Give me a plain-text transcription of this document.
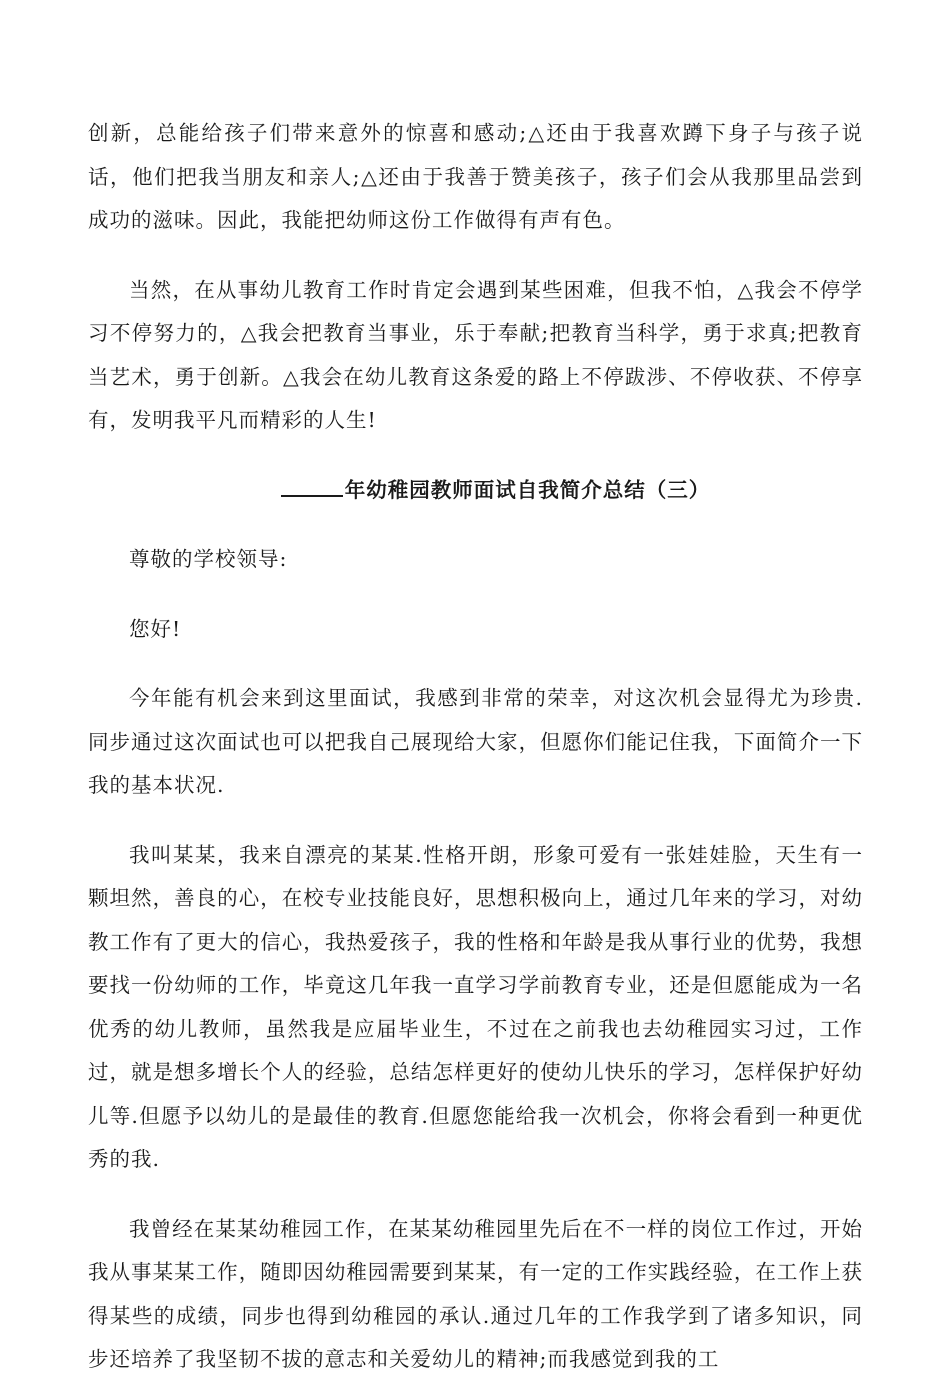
创新，总能给孩子们带来意外的惊喜和感动;△还由于我喜欢蹲下身子与孩子说话，他们把我当朋友和亲人;△还由于我善于赞美孩子，孩子们会从我那里品尝到成功的滋味。因此，我能把幼师这份工作做得有声有色。

当然，在从事幼儿教育工作时肯定会遇到某些困难，但我不怕，△我会不停学习不停努力的，△我会把教育当事业，乐于奉献;把教育当科学，勇于求真;把教育当艺术，勇于创新。△我会在幼儿教育这条爱的路上不停跋涉、不停收获、不停享有，发明我平凡而精彩的人生!

年幼稚园教师面试自我简介总结（三）

尊敬的学校领导:

您好!

今年能有机会来到这里面试，我感到非常的荣幸，对这次机会显得尤为珍贵.同步通过这次面试也可以把我自己展现给大家，但愿你们能记住我，下面简介一下我的基本状况.

我叫某某，我来自漂亮的某某.性格开朗，形象可爱有一张娃娃脸，天生有一颗坦然，善良的心，在校专业技能良好，思想积极向上，通过几年来的学习，对幼教工作有了更大的信心，我热爱孩子，我的性格和年龄是我从事行业的优势，我想要找一份幼师的工作，毕竟这几年我一直学习学前教育专业，还是但愿能成为一名优秀的幼儿教师，虽然我是应届毕业生，不过在之前我也去幼稚园实习过，工作过，就是想多增长个人的经验，总结怎样更好的使幼儿快乐的学习，怎样保护好幼儿等.但愿予以幼儿的是最佳的教育.但愿您能给我一次机会，你将会看到一种更优秀的我.

我曾经在某某幼稚园工作，在某某幼稚园里先后在不一样的岗位工作过，开始我从事某某工作，随即因幼稚园需要到某某，有一定的工作实践经验，在工作上获得某些的成绩，同步也得到幼稚园的承认.通过几年的工作我学到了诸多知识，同步还培养了我坚韧不拔的意志和关爱幼儿的精神;而我感觉到我的工
